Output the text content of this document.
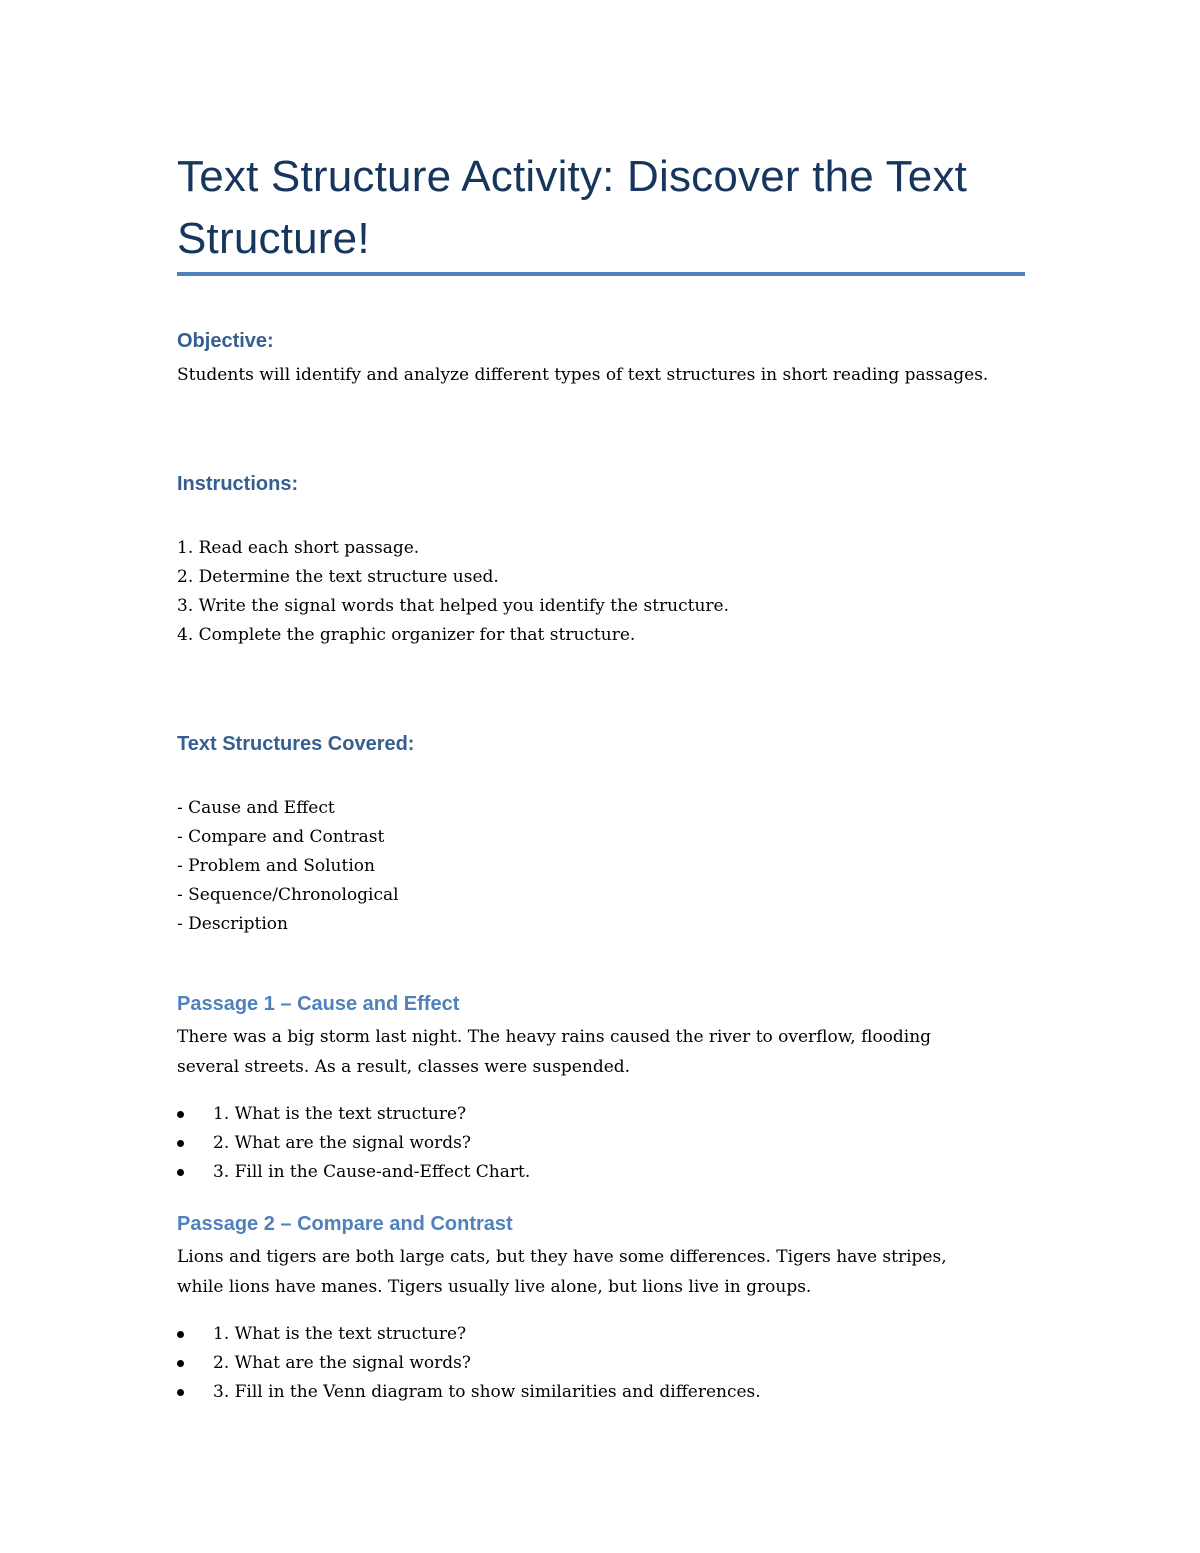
Text Structure Activity: Discover the Text Structure!
Objective:
Students will identify and analyze different types of text structures in short reading passages.
Instructions:
1. Read each short passage.
2. Determine the text structure used.
3. Write the signal words that helped you identify the structure.
4. Complete the graphic organizer for that structure.
Text Structures Covered:
- Cause and Effect
- Compare and Contrast
- Problem and Solution
- Sequence/Chronological
- Description
Passage 1 – Cause and Effect
There was a big storm last night. The heavy rains caused the river to overflow, flooding several streets. As a result, classes were suspended.
1. What is the text structure?
2. What are the signal words?
3. Fill in the Cause-and-Effect Chart.
Passage 2 – Compare and Contrast
Lions and tigers are both large cats, but they have some differences. Tigers have stripes, while lions have manes. Tigers usually live alone, but lions live in groups.
1. What is the text structure?
2. What are the signal words?
3. Fill in the Venn diagram to show similarities and differences.
